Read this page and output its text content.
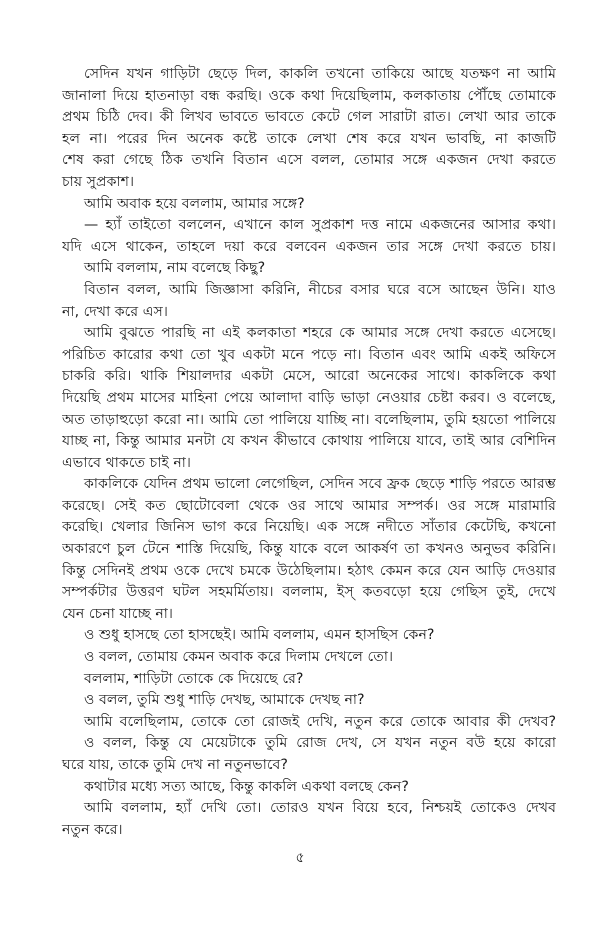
সেদিন যখন গাড়িটা ছেড়ে দিল, কাকলি তখনো তাকিয়ে আছে যতক্ষণ না আমি
জানালা দিয়ে হাতনাড়া বন্ধ করছি। ওকে কথা দিয়েছিলাম, কলকাতায় পৌঁছে তোমাকে
প্রথম চিঠি দেব। কী লিখব ভাবতে ভাবতে কেটে গেল সারাটা রাত। লেখা আর তাকে
হল না। পরের দিন অনেক কষ্টে তাকে লেখা শেষ করে যখন ভাবছি, না কাজটি
শেষ করা গেছে ঠিক তখনি বিতান এসে বলল, তোমার সঙ্গে একজন দেখা করতে
চায় সুপ্রকাশ।
আমি অবাক হয়ে বললাম, আমার সঙ্গে?
— হ্যাঁ তাইতো বললেন, এখানে কাল সুপ্রকাশ দত্ত নামে একজনের আসার কথা।
যদি এসে থাকেন, তাহলে দয়া করে বলবেন একজন তার সঙ্গে দেখা করতে চায়।
আমি বললাম, নাম বলেছে কিছু?
বিতান বলল, আমি জিজ্ঞাসা করিনি, নীচের বসার ঘরে বসে আছেন উনি। যাও
না, দেখা করে এস।
আমি বুঝতে পারছি না এই কলকাতা শহরে কে আমার সঙ্গে দেখা করতে এসেছে।
পরিচিত কারোর কথা তো খুব একটা মনে পড়ে না। বিতান এবং আমি একই অফিসে
চাকরি করি। থাকি শিয়ালদার একটা মেসে, আরো অনেকের সাথে। কাকলিকে কথা
দিয়েছি প্রথম মাসের মাহিনা পেয়ে আলাদা বাড়ি ভাড়া নেওয়ার চেষ্টা করব। ও বলেছে,
অত তাড়াহুড়ো করো না। আমি তো পালিয়ে যাচ্ছি না। বলেছিলাম, তুমি হয়তো পালিয়ে
যাচ্ছ না, কিন্তু আমার মনটা যে কখন কীভাবে কোথায় পালিয়ে যাবে, তাই আর বেশিদিন
এভাবে থাকতে চাই না।
কাকলিকে যেদিন প্রথম ভালো লেগেছিল, সেদিন সবে ফ্রক ছেড়ে শাড়ি পরতে আরম্ভ
করেছে। সেই কত ছোটোবেলা থেকে ওর সাথে আমার সম্পর্ক। ওর সঙ্গে মারামারি
করেছি। খেলার জিনিস ভাগ করে নিয়েছি। এক সঙ্গে নদীতে সাঁতার কেটেছি, কখনো
অকারণে চুল টেনে শাস্তি দিয়েছি, কিন্তু যাকে বলে আকর্ষণ তা কখনও অনুভব করিনি।
কিন্তু সেদিনই প্রথম ওকে দেখে চমকে উঠেছিলাম। হঠাৎ কেমন করে যেন আড়ি দেওয়ার
সম্পর্কটার উত্তরণ ঘটল সহমর্মিতায়। বললাম, ইস্ কতবড়ো হয়ে গেছিস তুই, দেখে
যেন চেনা যাচ্ছে না।
ও শুধু হাসছে তো হাসছেই। আমি বললাম, এমন হাসছিস কেন?
ও বলল, তোমায় কেমন অবাক করে দিলাম দেখলে তো।
বললাম, শাড়িটা তোকে কে দিয়েছে রে?
ও বলল, তুমি শুধু শাড়ি দেখছ, আমাকে দেখছ না?
আমি বলেছিলাম, তোকে তো রোজই দেখি, নতুন করে তোকে আবার কী দেখব?
ও বলল, কিন্তু যে মেয়েটাকে তুমি রোজ দেখ, সে যখন নতুন বউ হয়ে কারো
ঘরে যায়, তাকে তুমি দেখ না নতুনভাবে?
কথাটার মধ্যে সত্য আছে, কিন্তু কাকলি একথা বলছে কেন?
আমি বললাম, হ্যাঁ দেখি তো। তোরও যখন বিয়ে হবে, নিশ্চয়ই তোকেও দেখব
নতুন করে।
৫
